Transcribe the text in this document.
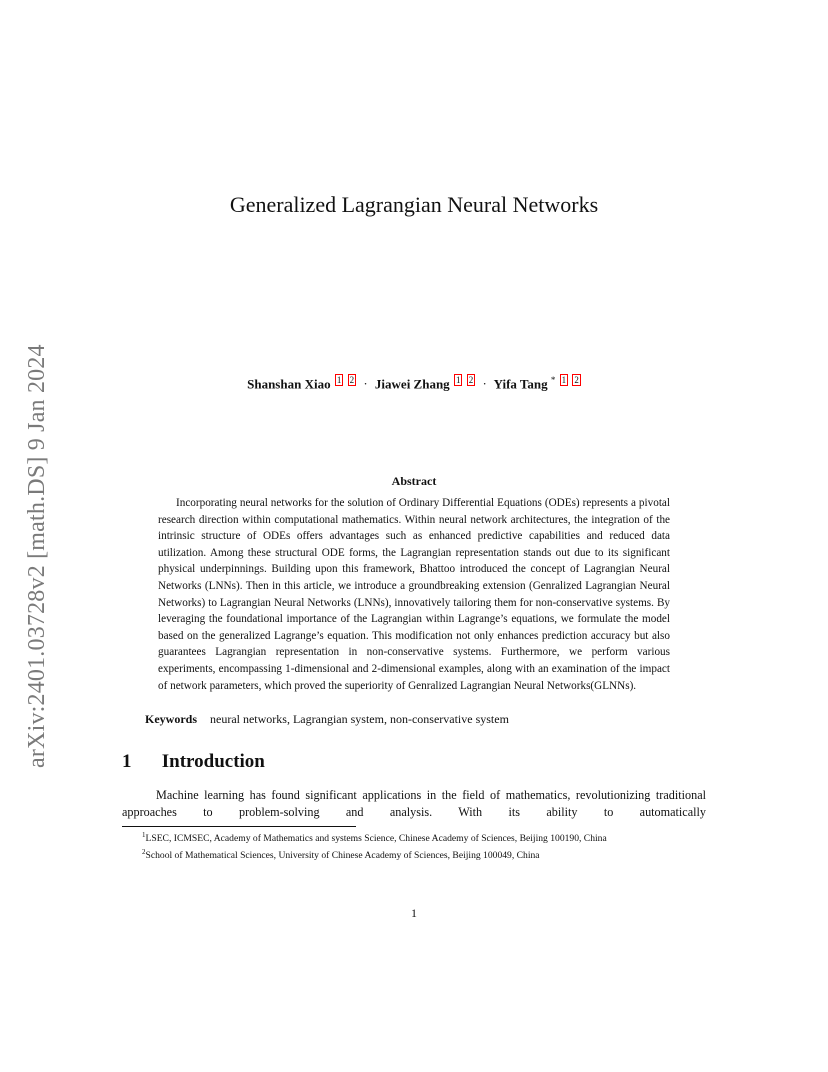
arXiv:2401.03728v2 [math.DS] 9 Jan 2024
Generalized Lagrangian Neural Networks
Shanshan Xiao 1 2 · Jiawei Zhang 1 2 · Yifa Tang * 1 2
Abstract

Incorporating neural networks for the solution of Ordinary Differential Equations (ODEs) represents a pivotal research direction within computational mathematics. Within neural network architectures, the integration of the intrinsic structure of ODEs offers advantages such as enhanced predictive capabilities and reduced data utilization. Among these structural ODE forms, the Lagrangian representation stands out due to its significant physical underpinnings. Building upon this framework, Bhattoo introduced the concept of Lagrangian Neural Networks (LNNs). Then in this article, we introduce a groundbreaking extension (Genralized Lagrangian Neural Networks) to Lagrangian Neural Networks (LNNs), innovatively tailoring them for non-conservative systems. By leveraging the foundational importance of the Lagrangian within Lagrange’s equations, we formulate the model based on the generalized Lagrange’s equation. This modification not only enhances prediction accuracy but also guarantees Lagrangian representation in non-conservative systems. Furthermore, we perform various experiments, encompassing 1-dimensional and 2-dimensional examples, along with an examination of the impact of network parameters, which proved the superiority of Genralized Lagrangian Neural Networks(GLNNs).

Keywords neural networks, Lagrangian system, non-conservative system
1 Introduction

Machine learning has found significant applications in the field of mathematics, revolutionizing traditional approaches to problem-solving and analysis. With its ability to automatically

$^1$LSEC, ICMSEC, Academy of Mathematics and systems Science, Chinese Academy of Sciences, Beijing 100190, China

$^2$School of Mathematical Sciences, University of Chinese Academy of Sciences, Beijing 100049, China

1
